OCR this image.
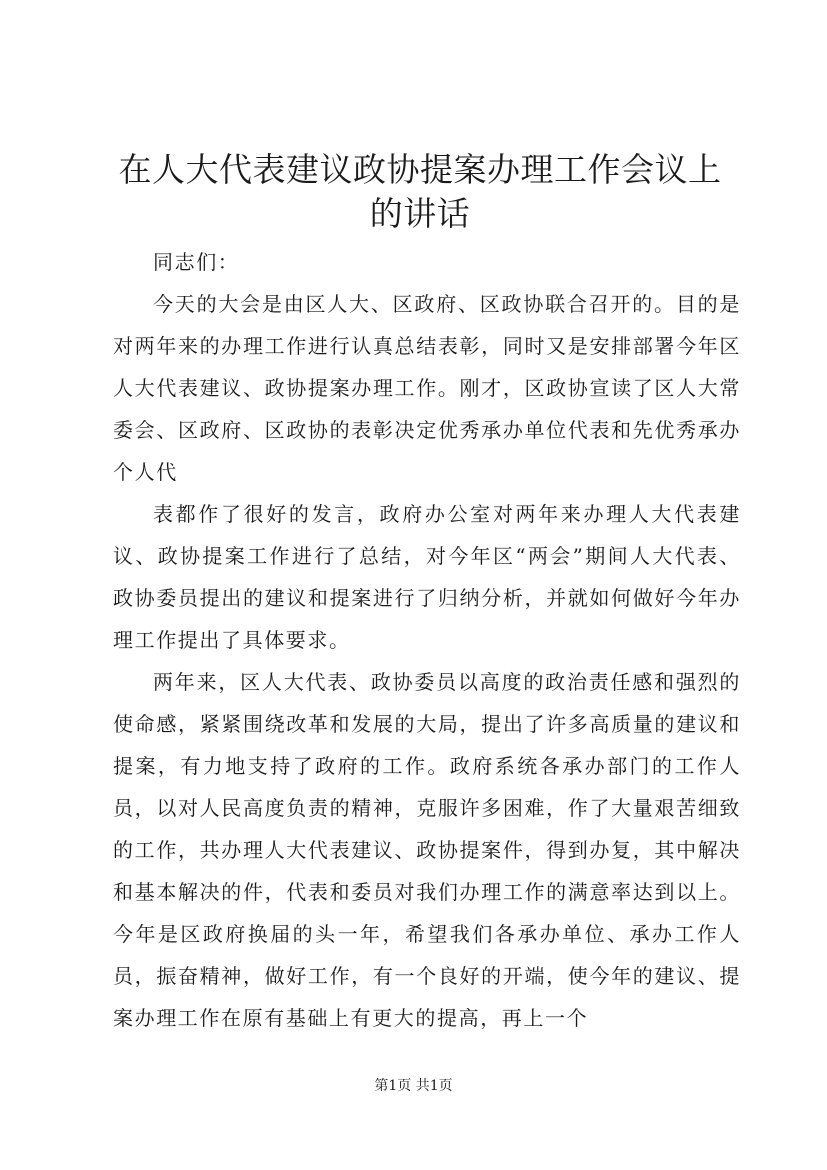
在人大代表建议政协提案办理工作会议上的讲话

同志们：

今天的大会是由区人大、区政府、区政协联合召开的。目的是对两年来的办理工作进行认真总结表彰，同时又是安排部署今年区人大代表建议、政协提案办理工作。刚才，区政协宣读了区人大常委会、区政府、区政协的表彰决定优秀承办单位代表和先优秀承办个人代

表都作了很好的发言，政府办公室对两年来办理人大代表建议、政协提案工作进行了总结，对今年区“两会”期间人大代表、政协委员提出的建议和提案进行了归纳分析，并就如何做好今年办理工作提出了具体要求。

两年来，区人大代表、政协委员以高度的政治责任感和强烈的使命感，紧紧围绕改革和发展的大局，提出了许多高质量的建议和提案，有力地支持了政府的工作。政府系统各承办部门的工作人员，以对人民高度负责的精神，克服许多困难，作了大量艰苦细致的工作，共办理人大代表建议、政协提案件，得到办复，其中解决和基本解决的件，代表和委员对我们办理工作的满意率达到以上。今年是区政府换届的头一年，希望我们各承办单位、承办工作人员，振奋精神，做好工作，有一个良好的开端，使今年的建议、提案办理工作在原有基础上有更大的提高，再上一个

第1页 共1页
